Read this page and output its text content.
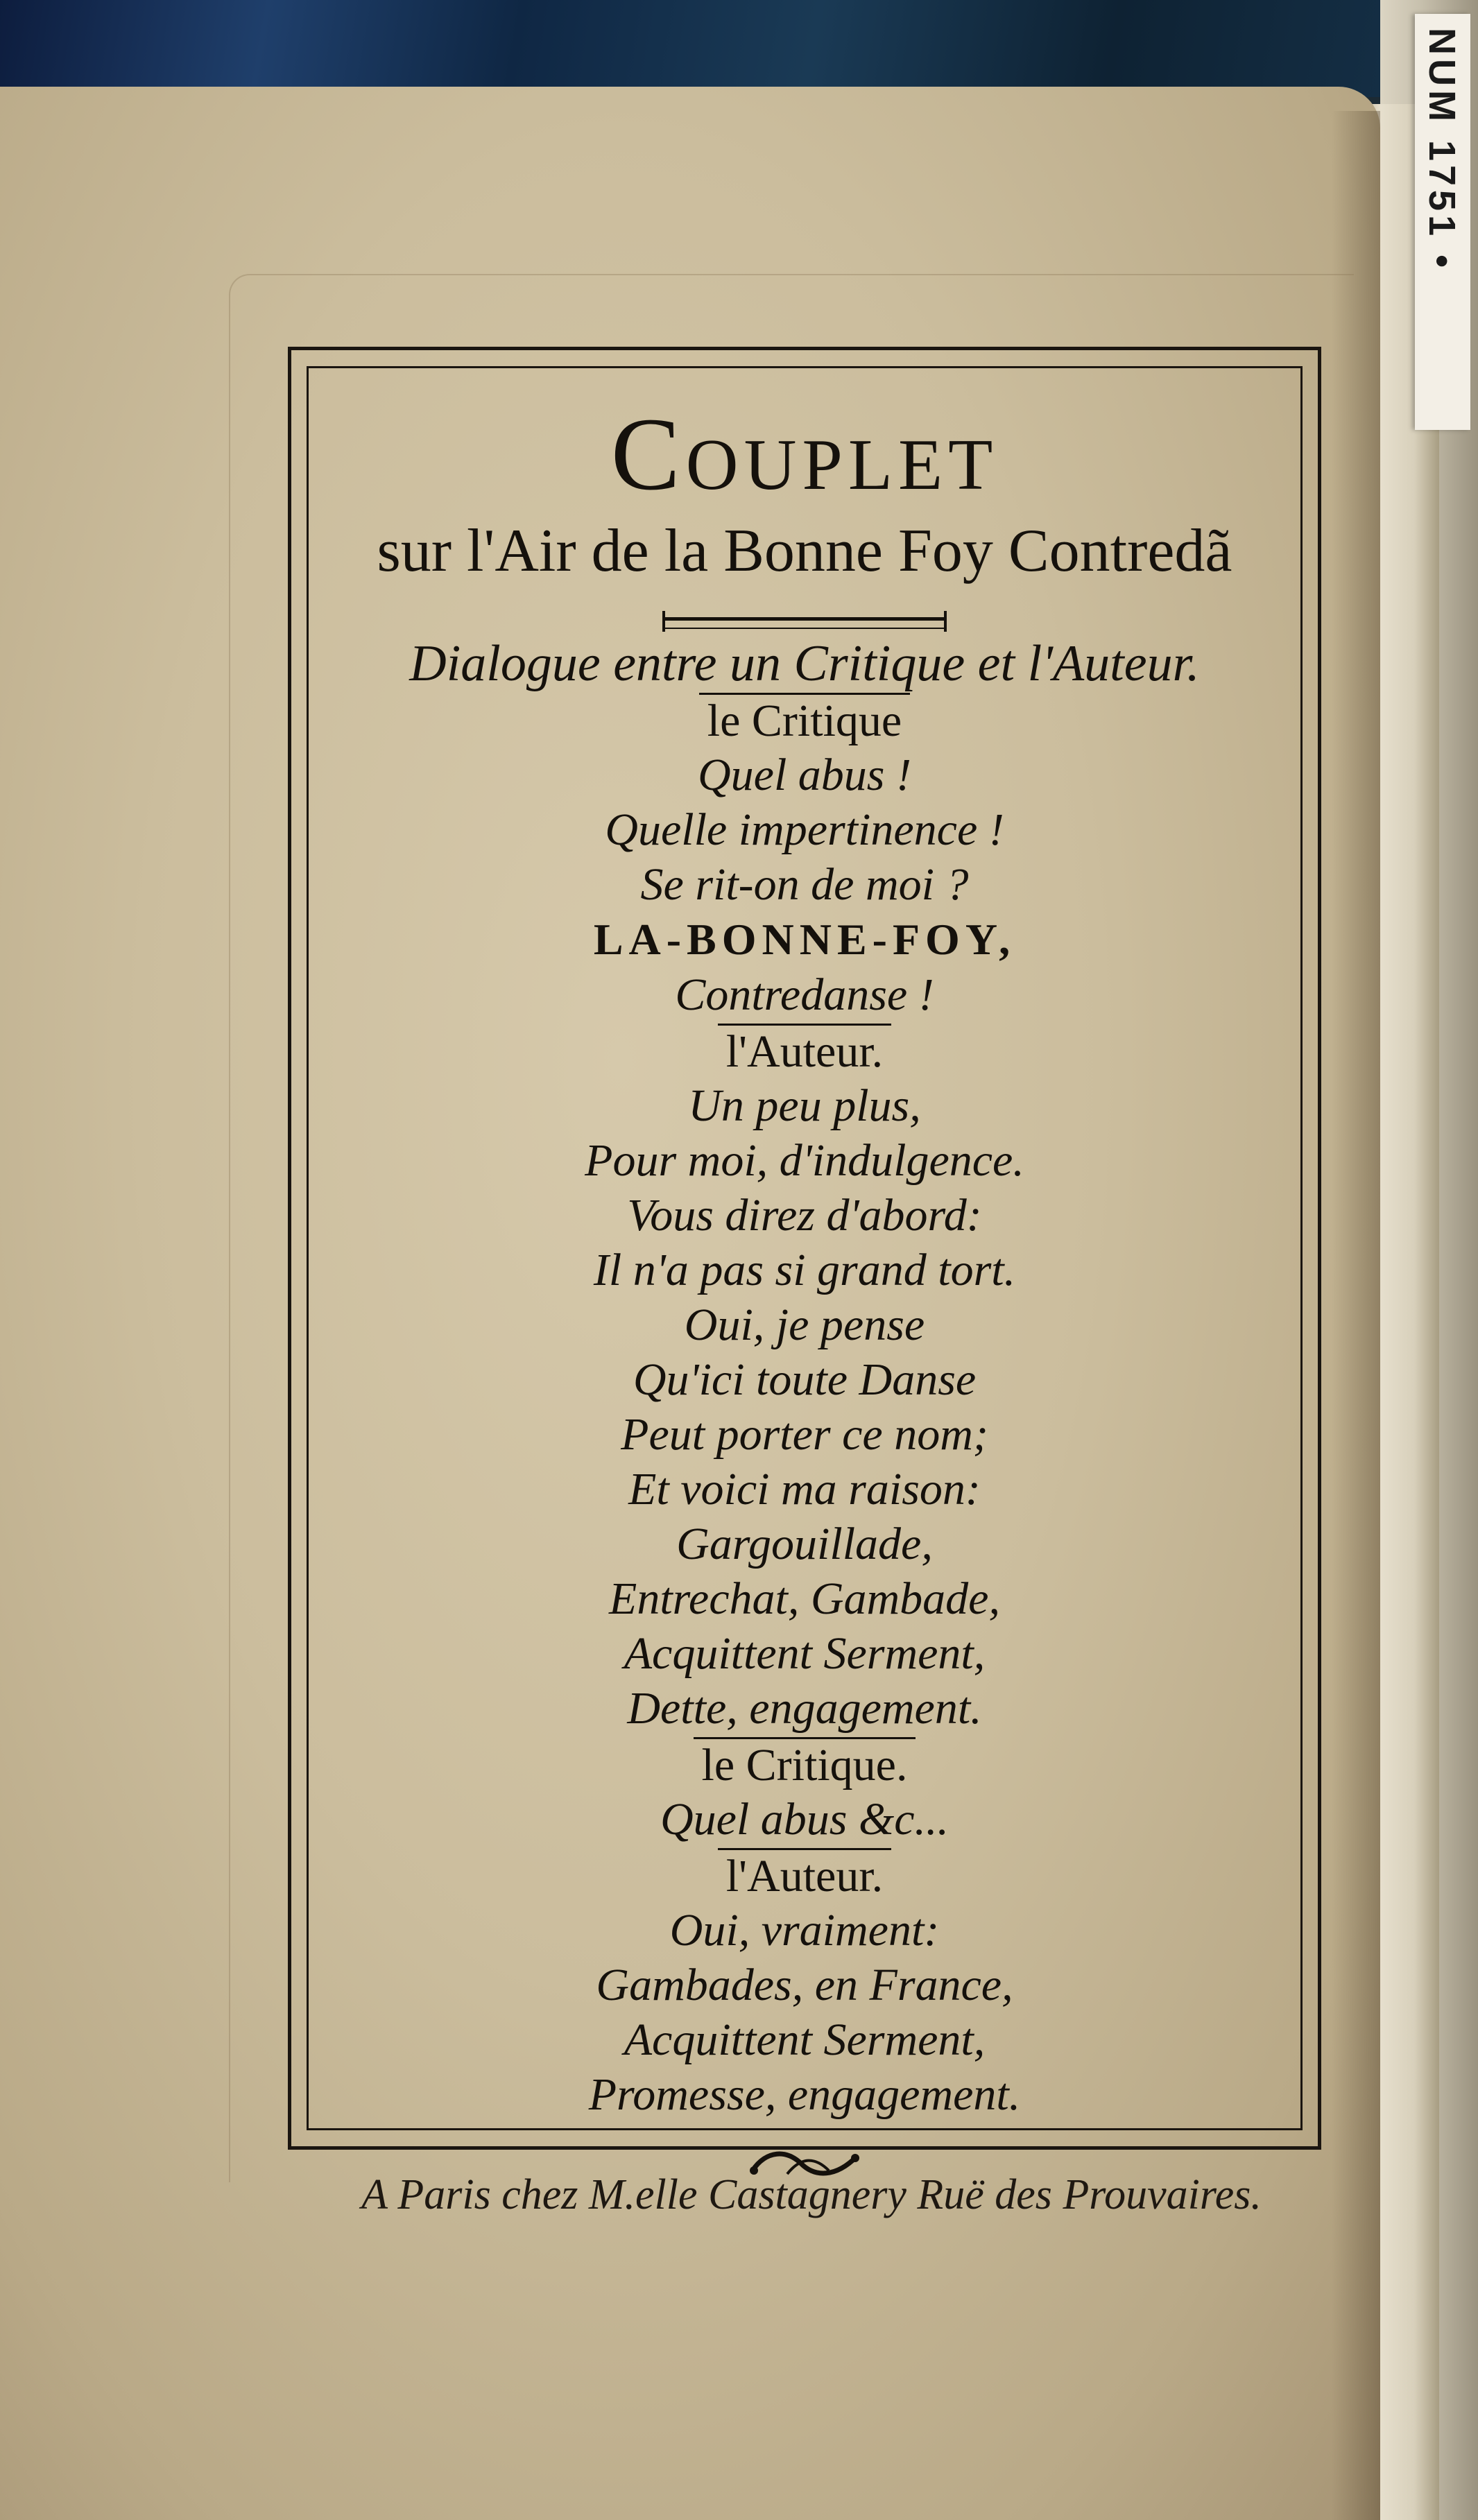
NUM 1751 •
Couplet
sur l'Air de la Bonne Foy Contredã
Dialogue entre un Critique et l'Auteur.
le Critique
Quel abus !
Quelle impertinence !
Se rit-on de moi ?
LA-BONNE-FOY,
Contredanse !
l'Auteur.
Un peu plus,
Pour moi, d'indulgence.
Vous direz d'abord:
Il n'a pas si grand tort.
Oui, je pense
Qu'ici toute Danse
Peut porter ce nom;
Et voici ma raison:
Gargouillade,
Entrechat, Gambade,
Acquittent Serment,
Dette, engagement.
le Critique.
Quel abus &c...
l'Auteur.
Oui, vraiment:
Gambades, en France,
Acquittent Serment,
Promesse, engagement.
A Paris chez M.elle Castagnery Ruë des Prouvaires.
